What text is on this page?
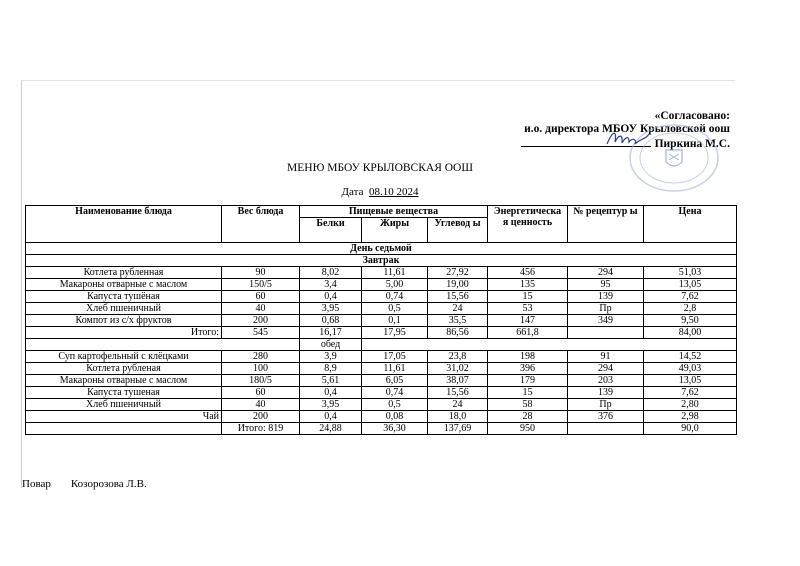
«Согласовано:
и.о. директора МБОУ Крыловской оош
Пиркина М.С.
МЕНЮ МБОУ КРЫЛОВСКАЯ ООШ
Дата 08.10 2024
Наименование блюда	Вес блюда	Пищевые вещества			Энергетическа я ценность	№ рецептур ы	Цена
		Белки	Жиры	Углевод ы			
День седьмой							
Завтрак							
Котлета рубленная	90	8,02	11,61	27,92	456	294	51,03
Макароны отварные с маслом	150/5	3,4	5,00	19,00	135	95	13,05
Капуста тушёная	60	0,4	0,74	15,56	15	139	7,62
Хлеб пшеничный	40	3,95	0,5	24	53	Пр	2,8
Компот из с/х фруктов	200	0,68	0,1	35,5	147	349	9,50
Итого:	545	16,17	17,95	86,56	661,8		84,00
		обед					
Суп картофельный с клёцками	280	3,9	17,05	23,8	198	91	14,52
Котлета рубленая	100	8,9	11,61	31,02	396	294	49,03
Макароны отварные с маслом	180/5	5,61	6,05	38,07	179	203	13,05
Капуста тушеная	60	0,4	0,74	15,56	15	139	7,62
Хлеб пшеничный	40	3,95	0,5	24	58	Пр	2,80
Чай	200	0,4	0,08	18,0	28	376	2,98
	Итого: 819	24,88	36,30	137,69	950		90,0
Повар Козорозова Л.В.
